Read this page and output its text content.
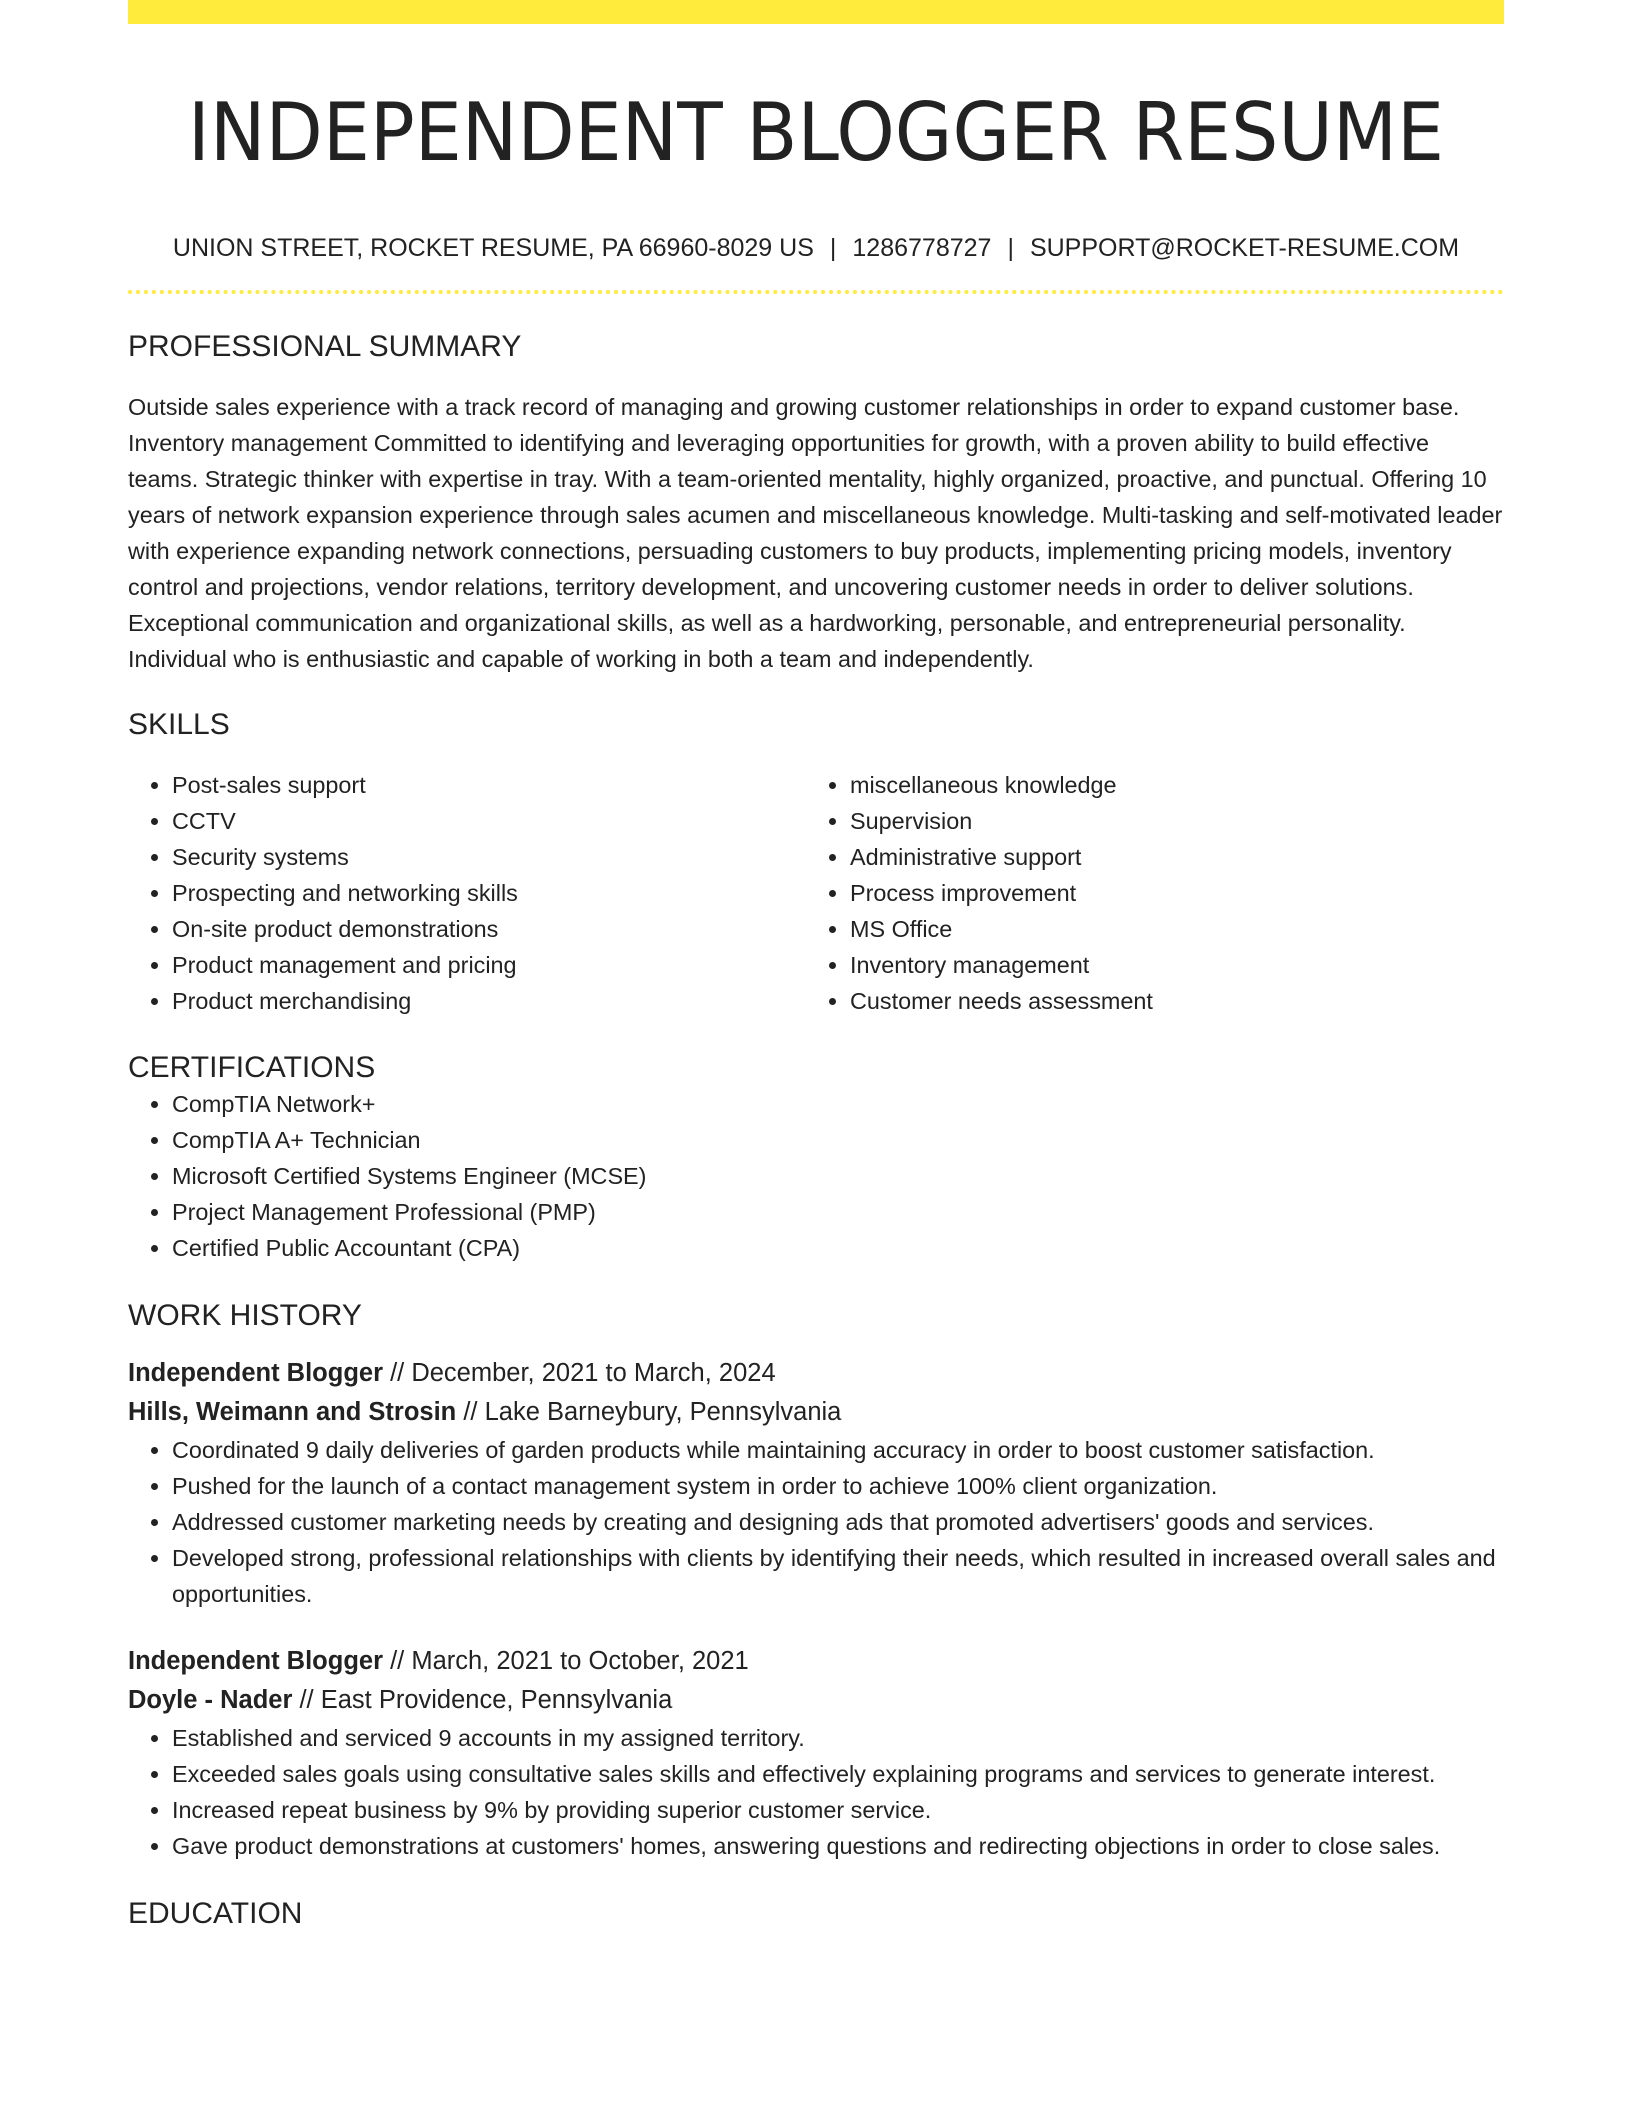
INDEPENDENT BLOGGER RESUME
UNION STREET, ROCKET RESUME, PA 66960-8029 US | 1286778727 | SUPPORT@ROCKET-RESUME.COM
PROFESSIONAL SUMMARY

Outside sales experience with a track record of managing and growing customer relationships in order to expand customer base. Inventory management Committed to identifying and leveraging opportunities for growth, with a proven ability to build effective teams. Strategic thinker with expertise in tray. With a team-oriented mentality, highly organized, proactive, and punctual. Offering 10 years of network expansion experience through sales acumen and miscellaneous knowledge. Multi-tasking and self-motivated leader with experience expanding network connections, persuading customers to buy products, implementing pricing models, inventory control and projections, vendor relations, territory development, and uncovering customer needs in order to deliver solutions. Exceptional communication and organizational skills, as well as a hardworking, personable, and entrepreneurial personality. Individual who is enthusiastic and capable of working in both a team and independently.

SKILLS
• Post-sales support
• CCTV
• Security systems
• Prospecting and networking skills
• On-site product demonstrations
• Product management and pricing
• Product merchandising
• miscellaneous knowledge
• Supervision
• Administrative support
• Process improvement
• MS Office
• Inventory management
• Customer needs assessment
CERTIFICATIONS
• CompTIA Network+
• CompTIA A+ Technician
• Microsoft Certified Systems Engineer (MCSE)
• Project Management Professional (PMP)
• Certified Public Accountant (CPA)
WORK HISTORY
Independent Blogger // December, 2021 to March, 2024
Hills, Weimann and Strosin // Lake Barneybury, Pennsylvania
• Coordinated 9 daily deliveries of garden products while maintaining accuracy in order to boost customer satisfaction.
• Pushed for the launch of a contact management system in order to achieve 100% client organization.
• Addressed customer marketing needs by creating and designing ads that promoted advertisers' goods and services.
• Developed strong, professional relationships with clients by identifying their needs, which resulted in increased overall sales and opportunities.
Independent Blogger // March, 2021 to October, 2021
Doyle - Nader // East Providence, Pennsylvania
• Established and serviced 9 accounts in my assigned territory.
• Exceeded sales goals using consultative sales skills and effectively explaining programs and services to generate interest.
• Increased repeat business by 9% by providing superior customer service.
• Gave product demonstrations at customers' homes, answering questions and redirecting objections in order to close sales.
EDUCATION
